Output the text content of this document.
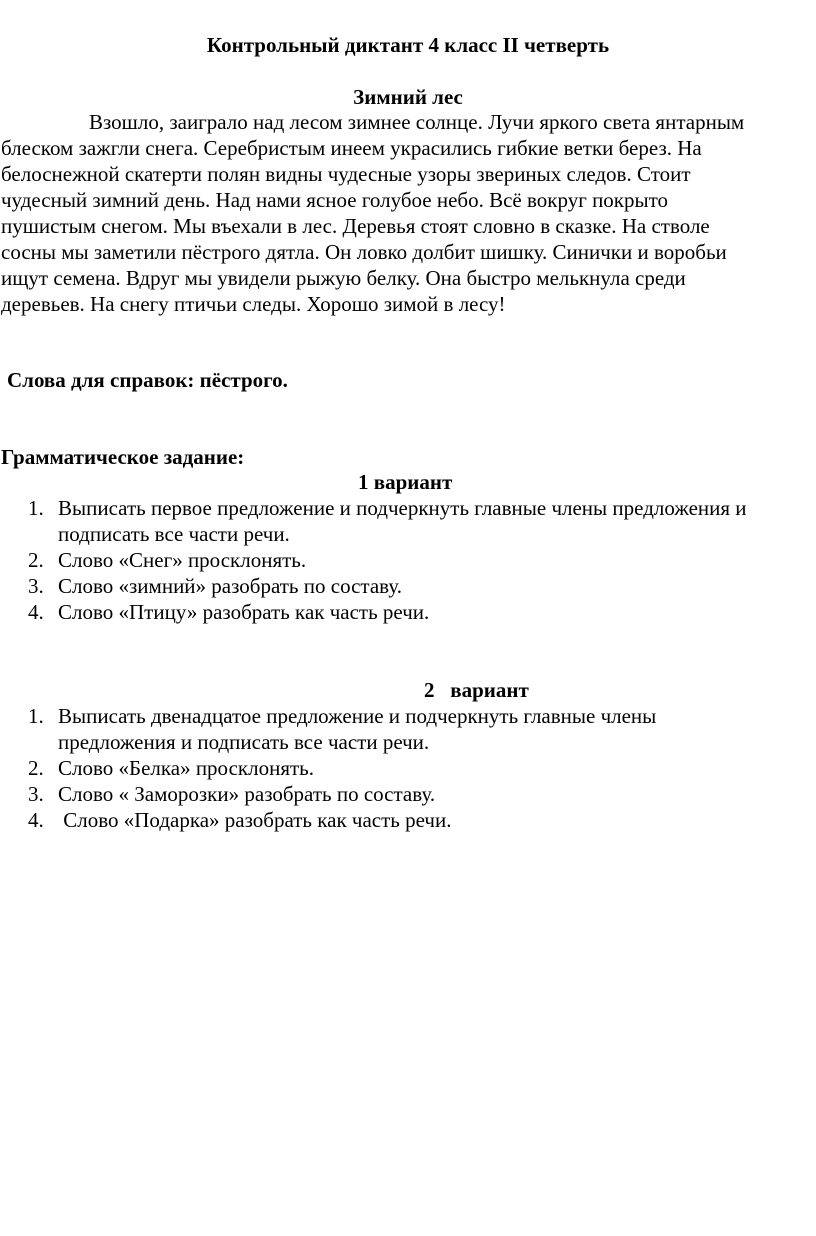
Контрольный диктант 4 класс II четверть
Зимний лес
Взошло, заиграло над лесом зимнее солнце. Лучи яркого света янтарным
блеском зажгли снега. Серебристым инеем украсились гибкие ветки берез. На
белоснежной скатерти полян видны чудесные узоры звериных следов. Стоит
чудесный зимний день. Над нами ясное голубое небо. Всё вокруг покрыто
пушистым снегом. Мы въехали в лес. Деревья стоят словно в сказке. На стволе
сосны мы заметили пёстрого дятла. Он ловко долбит шишку. Синички и воробьи
ищут семена. Вдруг мы увидели рыжую белку. Она быстро мелькнула среди
деревьев. На снегу птичьи следы. Хорошо зимой в лесу!
Слова для справок: пёстрого.
Грамматическое задание:
1 вариант
1. Выписать первое предложение и подчеркнуть главные члены предложения и
подписать все части речи.
2. Слово «Снег» просклонять.
3. Слово «зимний» разобрать по составу.
4. Слово «Птицу» разобрать как часть речи.
2   вариант
1. Выписать двенадцатое предложение и подчеркнуть главные члены
предложения и подписать все части речи.
2. Слово «Белка» просклонять.
3. Слово « Заморозки» разобрать по составу.
4. Слово «Подарка» разобрать как часть речи.
